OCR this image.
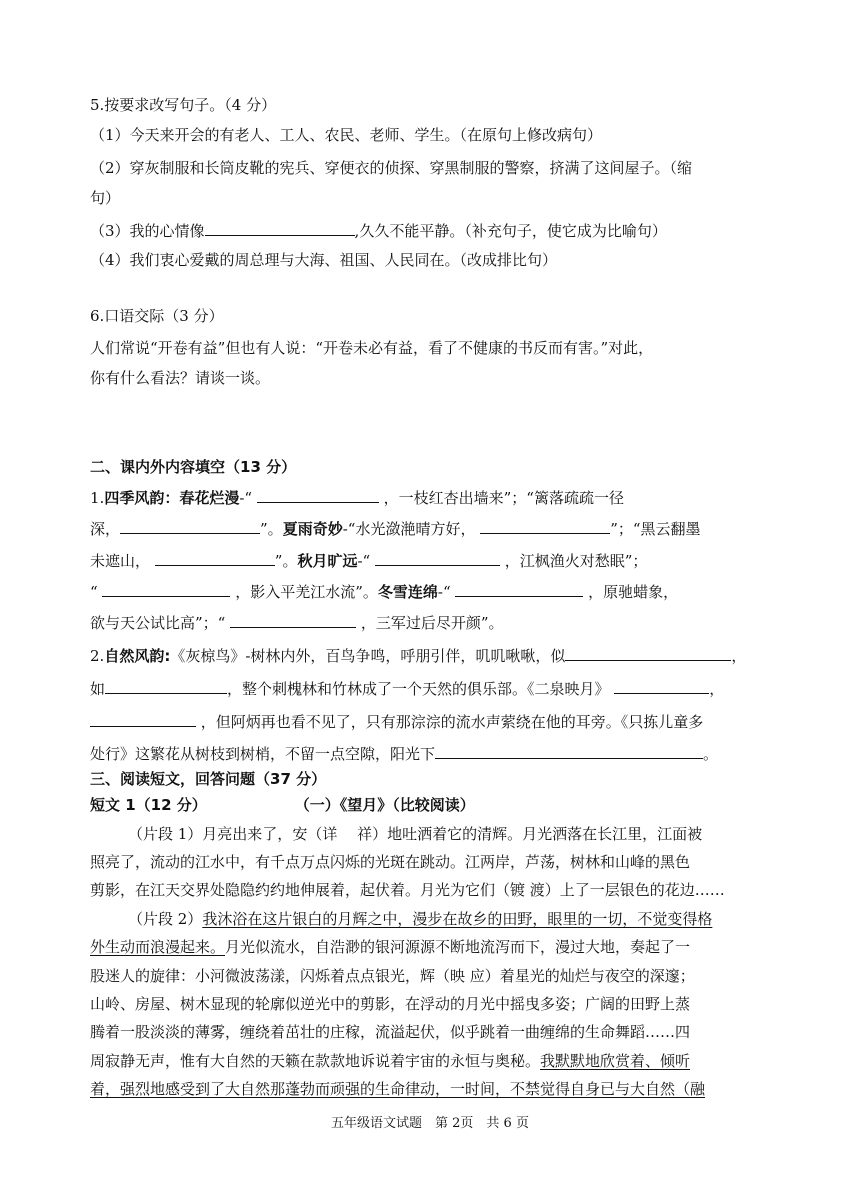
5.按要求改写句子。（4 分）
（1）今天来开会的有老人、工人、农民、老师、学生。（在原句上修改病句）
（2）穿灰制服和长筒皮靴的宪兵、穿便衣的侦探、穿黑制服的警察，挤满了这间屋子。（缩
句）
（3）我的心情像	,久久不能平静。（补充句子，使它成为比喻句）
（4）我们衷心爱戴的周总理与大海、祖国、人民同在。（改成排比句）
6.口语交际（3 分）
人们常说“开卷有益”但也有人说：“开卷未必有益，看了不健康的书反而有害。”对此，
你有什么看法？请谈一谈。
二、课内外内容填空（13 分）
1.四季风韵：春花烂漫-“	，一枝红杏出墙来”；“篱落疏疏一径
深，	”。夏雨奇妙-“水光潋滟晴方好，	”；“黑云翻墨
未遮山，	”。秋月旷远-“	，江枫渔火对愁眠”；
“	，影入平羌江水流”。冬雪连绵-“	，原驰蜡象，
欲与天公试比高”；“	，三军过后尽开颜”。
2.自然风韵:《灰椋鸟》-树林内外，百鸟争鸣，呼朋引伴，叽叽啾啾，似	，
如	，整个刺槐林和竹林成了一个天然的俱乐部。《二泉映月》	，
，但阿炳再也看不见了，只有那淙淙的流水声萦绕在他的耳旁。《只拣儿童多
处行》这繁花从树枝到树梢，不留一点空隙，阳光下	。
三、阅读短文，回答问题（37 分）
短文 1（12 分）	（一）《望月》（比较阅读）
（片段 1）月亮出来了，安（详　 祥）地吐洒着它的清辉。月光洒落在长江里，江面被
照亮了，流动的江水中，有千点万点闪烁的光斑在跳动。江两岸，芦荡，树林和山峰的黑色
剪影，在江天交界处隐隐约约地伸展着，起伏着。月光为它们（镀 渡）上了一层银色的花边……
（片段 2）我沐浴在这片银白的月辉之中，漫步在故乡的田野，眼里的一切，不觉变得格
外生动而浪漫起来。月光似流水，自浩渺的银河源源不断地流泻而下，漫过大地，奏起了一
股迷人的旋律：小河微波荡漾，闪烁着点点银光，辉（映 应）着星光的灿烂与夜空的深邃；
山岭、房屋、树木显现的轮廓似逆光中的剪影，在浮动的月光中摇曳多姿；广阔的田野上蒸
腾着一股淡淡的薄雾，缠绕着茁壮的庄稼，流溢起伏，似乎跳着一曲缠绵的生命舞蹈……四
周寂静无声，惟有大自然的天籁在款款地诉说着宇宙的永恒与奥秘。我默默地欣赏着、倾听
着，强烈地感受到了大自然那蓬勃而顽强的生命律动，一时间，不禁觉得自身已与大自然（融
五年级语文试题　第 2页　共 6 页
